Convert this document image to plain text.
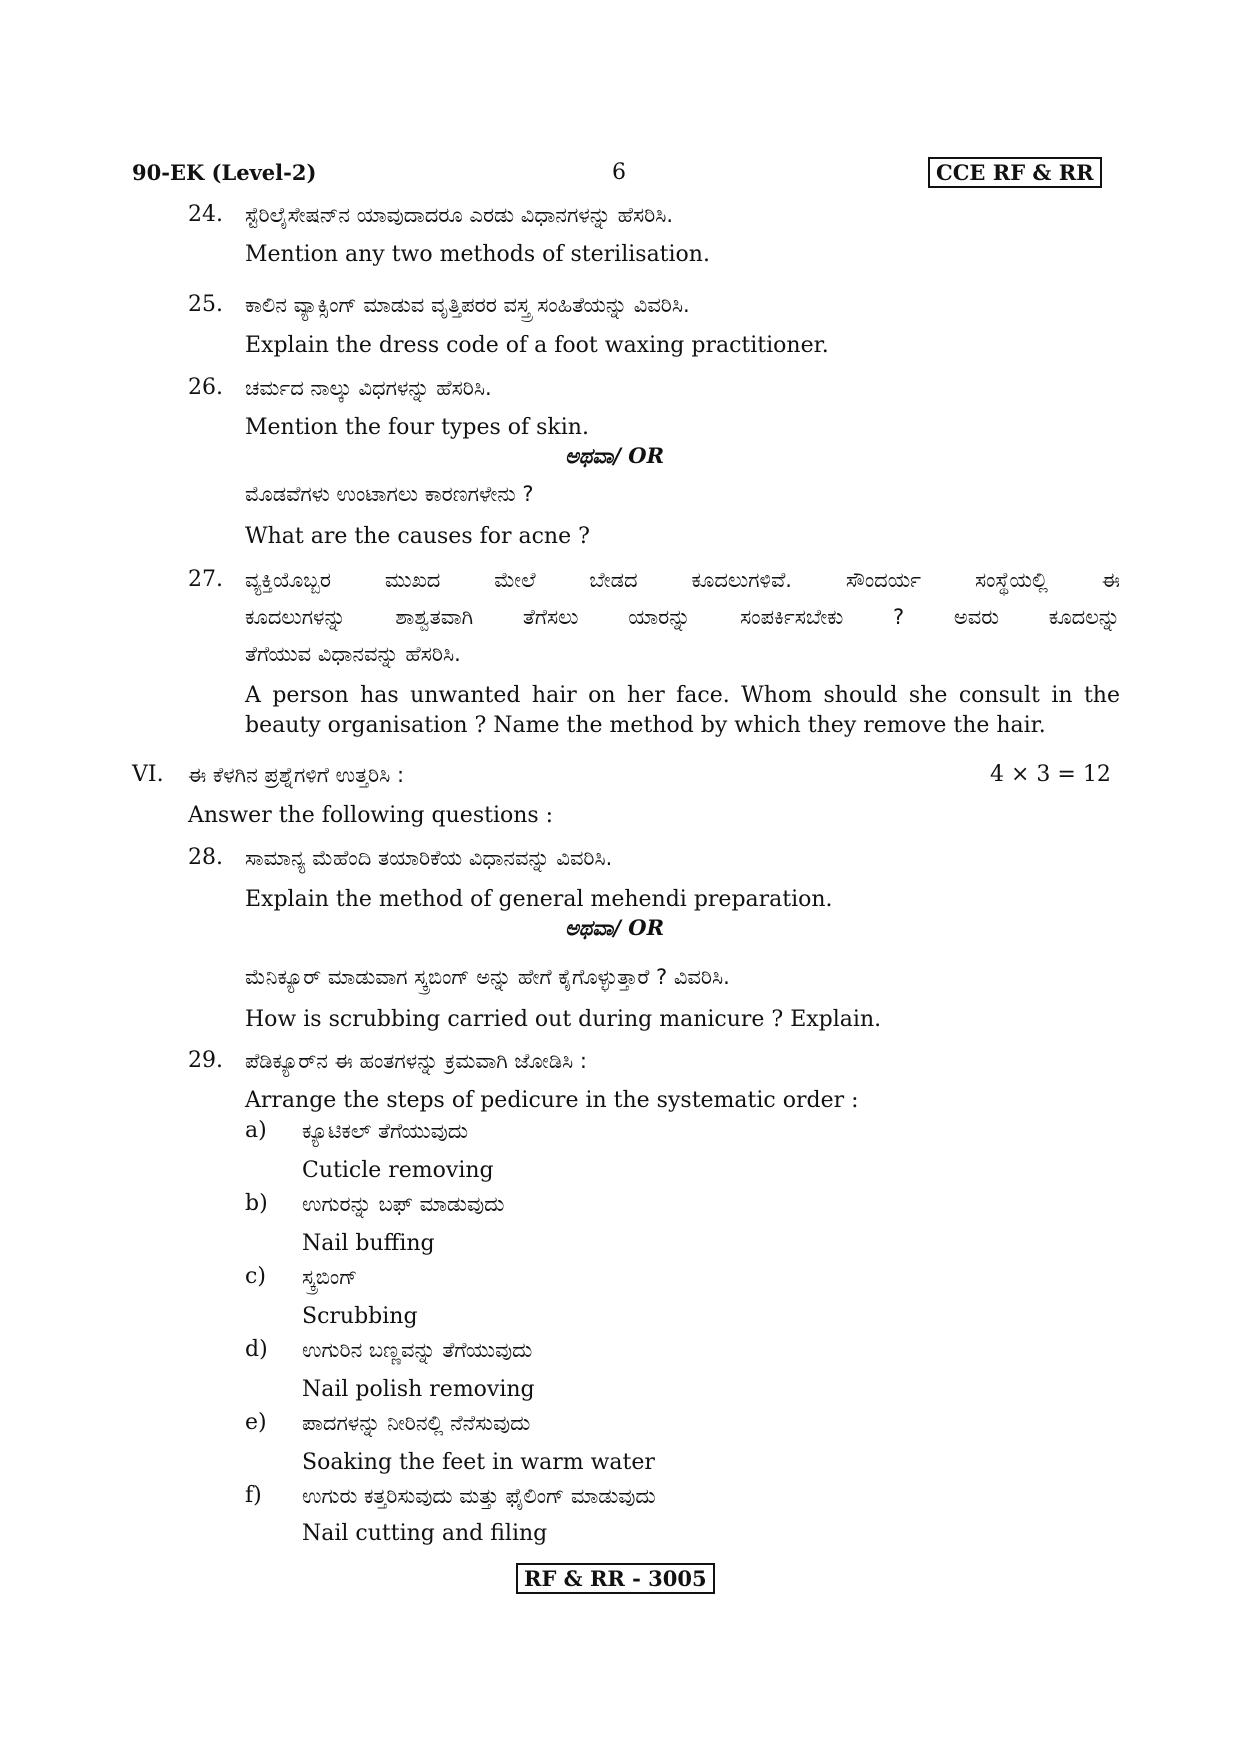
90-EK (Level-2)	6	CCE RF & RR
24. ಸ್ಟೆರಿಲೈಸೇಷನ್‌ನ ಯಾವುದಾದರೂ ಎರಡು ವಿಧಾನಗಳನ್ನು ಹೆಸರಿಸಿ.
Mention any two methods of sterilisation.
25. ಕಾಲಿನ ವ್ಯಾಕ್ಸಿಂಗ್ ಮಾಡುವ ವೃತ್ತಿಪರರ ವಸ್ತ್ರ ಸಂಹಿತೆಯನ್ನು ವಿವರಿಸಿ.
Explain the dress code of a foot waxing practitioner.
26. ಚರ್ಮದ ನಾಲ್ಕು ವಿಧಗಳನ್ನು ಹೆಸರಿಸಿ.
Mention the four types of skin.
ಅಥವಾ/ OR
ಮೊಡವೆಗಳು ಉಂಟಾಗಲು ಕಾರಣಗಳೇನು ?
What are the causes for acne ?
27. ವ್ಯಕ್ತಿಯೊಬ್ಬರ ಮುಖದ ಮೇಲೆ ಬೇಡದ ಕೂದಲುಗಳಿವೆ. ಸೌಂದರ್ಯ ಸಂಸ್ಥೆಯಲ್ಲಿ ಈ
ಕೂದಲುಗಳನ್ನು ಶಾಶ್ವತವಾಗಿ ತೆಗೆಸಲು ಯಾರನ್ನು ಸಂಪರ್ಕಿಸಬೇಕು ? ಅವರು ಕೂದಲನ್ನು
ತೆಗೆಯುವ ವಿಧಾನವನ್ನು ಹೆಸರಿಸಿ.
A person has unwanted hair on her face. Whom should she consult in the
beauty organisation ? Name the method by which they remove the hair.
VI. ಈ ಕೆಳಗಿನ ಪ್ರಶ್ನೆಗಳಿಗೆ ಉತ್ತರಿಸಿ :	4 × 3 = 12
Answer the following questions :
28. ಸಾಮಾನ್ಯ ಮೆಹೆಂದಿ ತಯಾರಿಕೆಯ ವಿಧಾನವನ್ನು ವಿವರಿಸಿ.
Explain the method of general mehendi preparation.
ಅಥವಾ/ OR
ಮೆನಿಕ್ಯೂರ್ ಮಾಡುವಾಗ ಸ್ಕ್ರಬಿಂಗ್ ಅನ್ನು ಹೇಗೆ ಕೈಗೊಳ್ಳುತ್ತಾರೆ ? ವಿವರಿಸಿ.
How is scrubbing carried out during manicure ? Explain.
29. ಪೆಡಿಕ್ಯೂರ್‌ನ ಈ ಹಂತಗಳನ್ನು ಕ್ರಮವಾಗಿ ಜೋಡಿಸಿ :
Arrange the steps of pedicure in the systematic order :
a) ಕ್ಯೂಟಿಕಲ್ ತೆಗೆಯುವುದು
Cuticle removing
b) ಉಗುರನ್ನು ಬಫ್ ಮಾಡುವುದು
Nail buffing
c) ಸ್ಕ್ರಬಿಂಗ್
Scrubbing
d) ಉಗುರಿನ ಬಣ್ಣವನ್ನು ತೆಗೆಯುವುದು
Nail polish removing
e) ಪಾದಗಳನ್ನು ನೀರಿನಲ್ಲಿ ನೆನೆಸುವುದು
Soaking the feet in warm water
f) ಉಗುರು ಕತ್ತರಿಸುವುದು ಮತ್ತು ಫೈಲಿಂಗ್ ಮಾಡುವುದು
Nail cutting and filing
RF & RR - 3005
